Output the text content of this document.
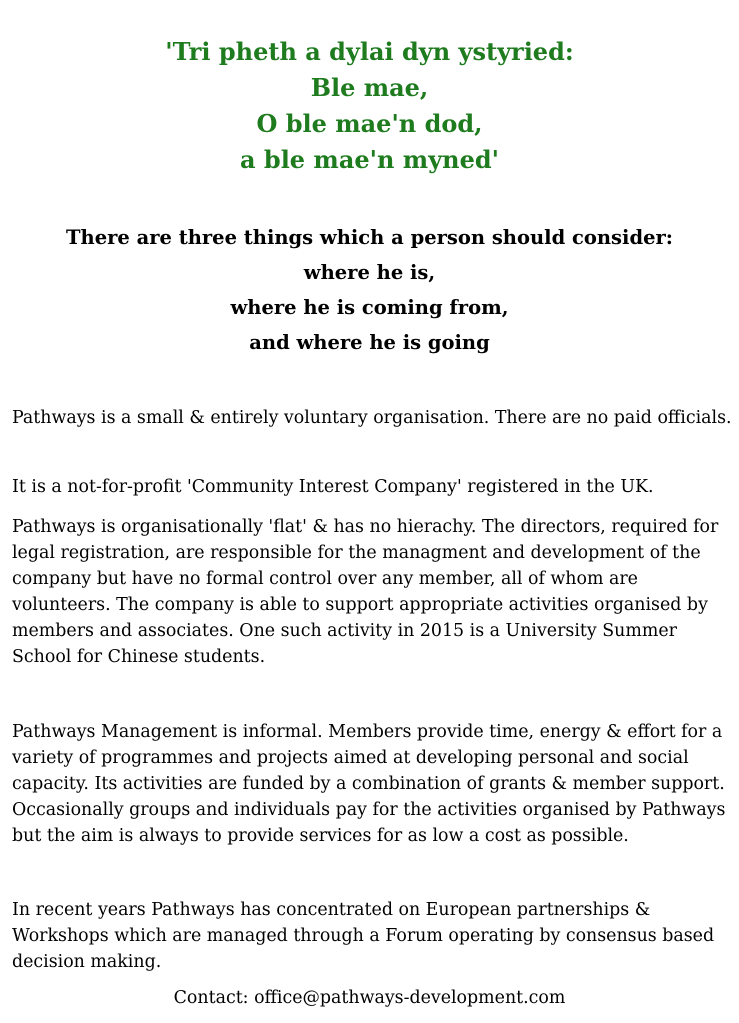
'Tri pheth a dylai dyn ystyried:
Ble mae,
O ble mae'n dod,
a ble mae'n myned'
There are three things which a person should consider:
where he is,
where he is coming from,
and where he is going

Pathways is a small & entirely voluntary organisation. There are no paid officials.

It is a not-for-profit 'Community Interest Company' registered in the UK.

Pathways is organisationally 'flat' & has no hierachy. The directors, required for legal registration, are responsible for the managment and development of the company but have no formal control over any member, all of whom are volunteers. The company is able to support appropriate activities organised by members and associates. One such activity in 2015 is a University Summer School for Chinese students.

Pathways Management is informal. Members provide time, energy & effort for a variety of programmes and projects aimed at developing personal and social capacity. Its activities are funded by a combination of grants & member support. Occasionally groups and individuals pay for the activities organised by Pathways but the aim is always to provide services for as low a cost as possible.

In recent years Pathways has concentrated on European partnerships & Workshops which are managed through a Forum operating by consensus based decision making.

Contact: office@pathways-development.com
